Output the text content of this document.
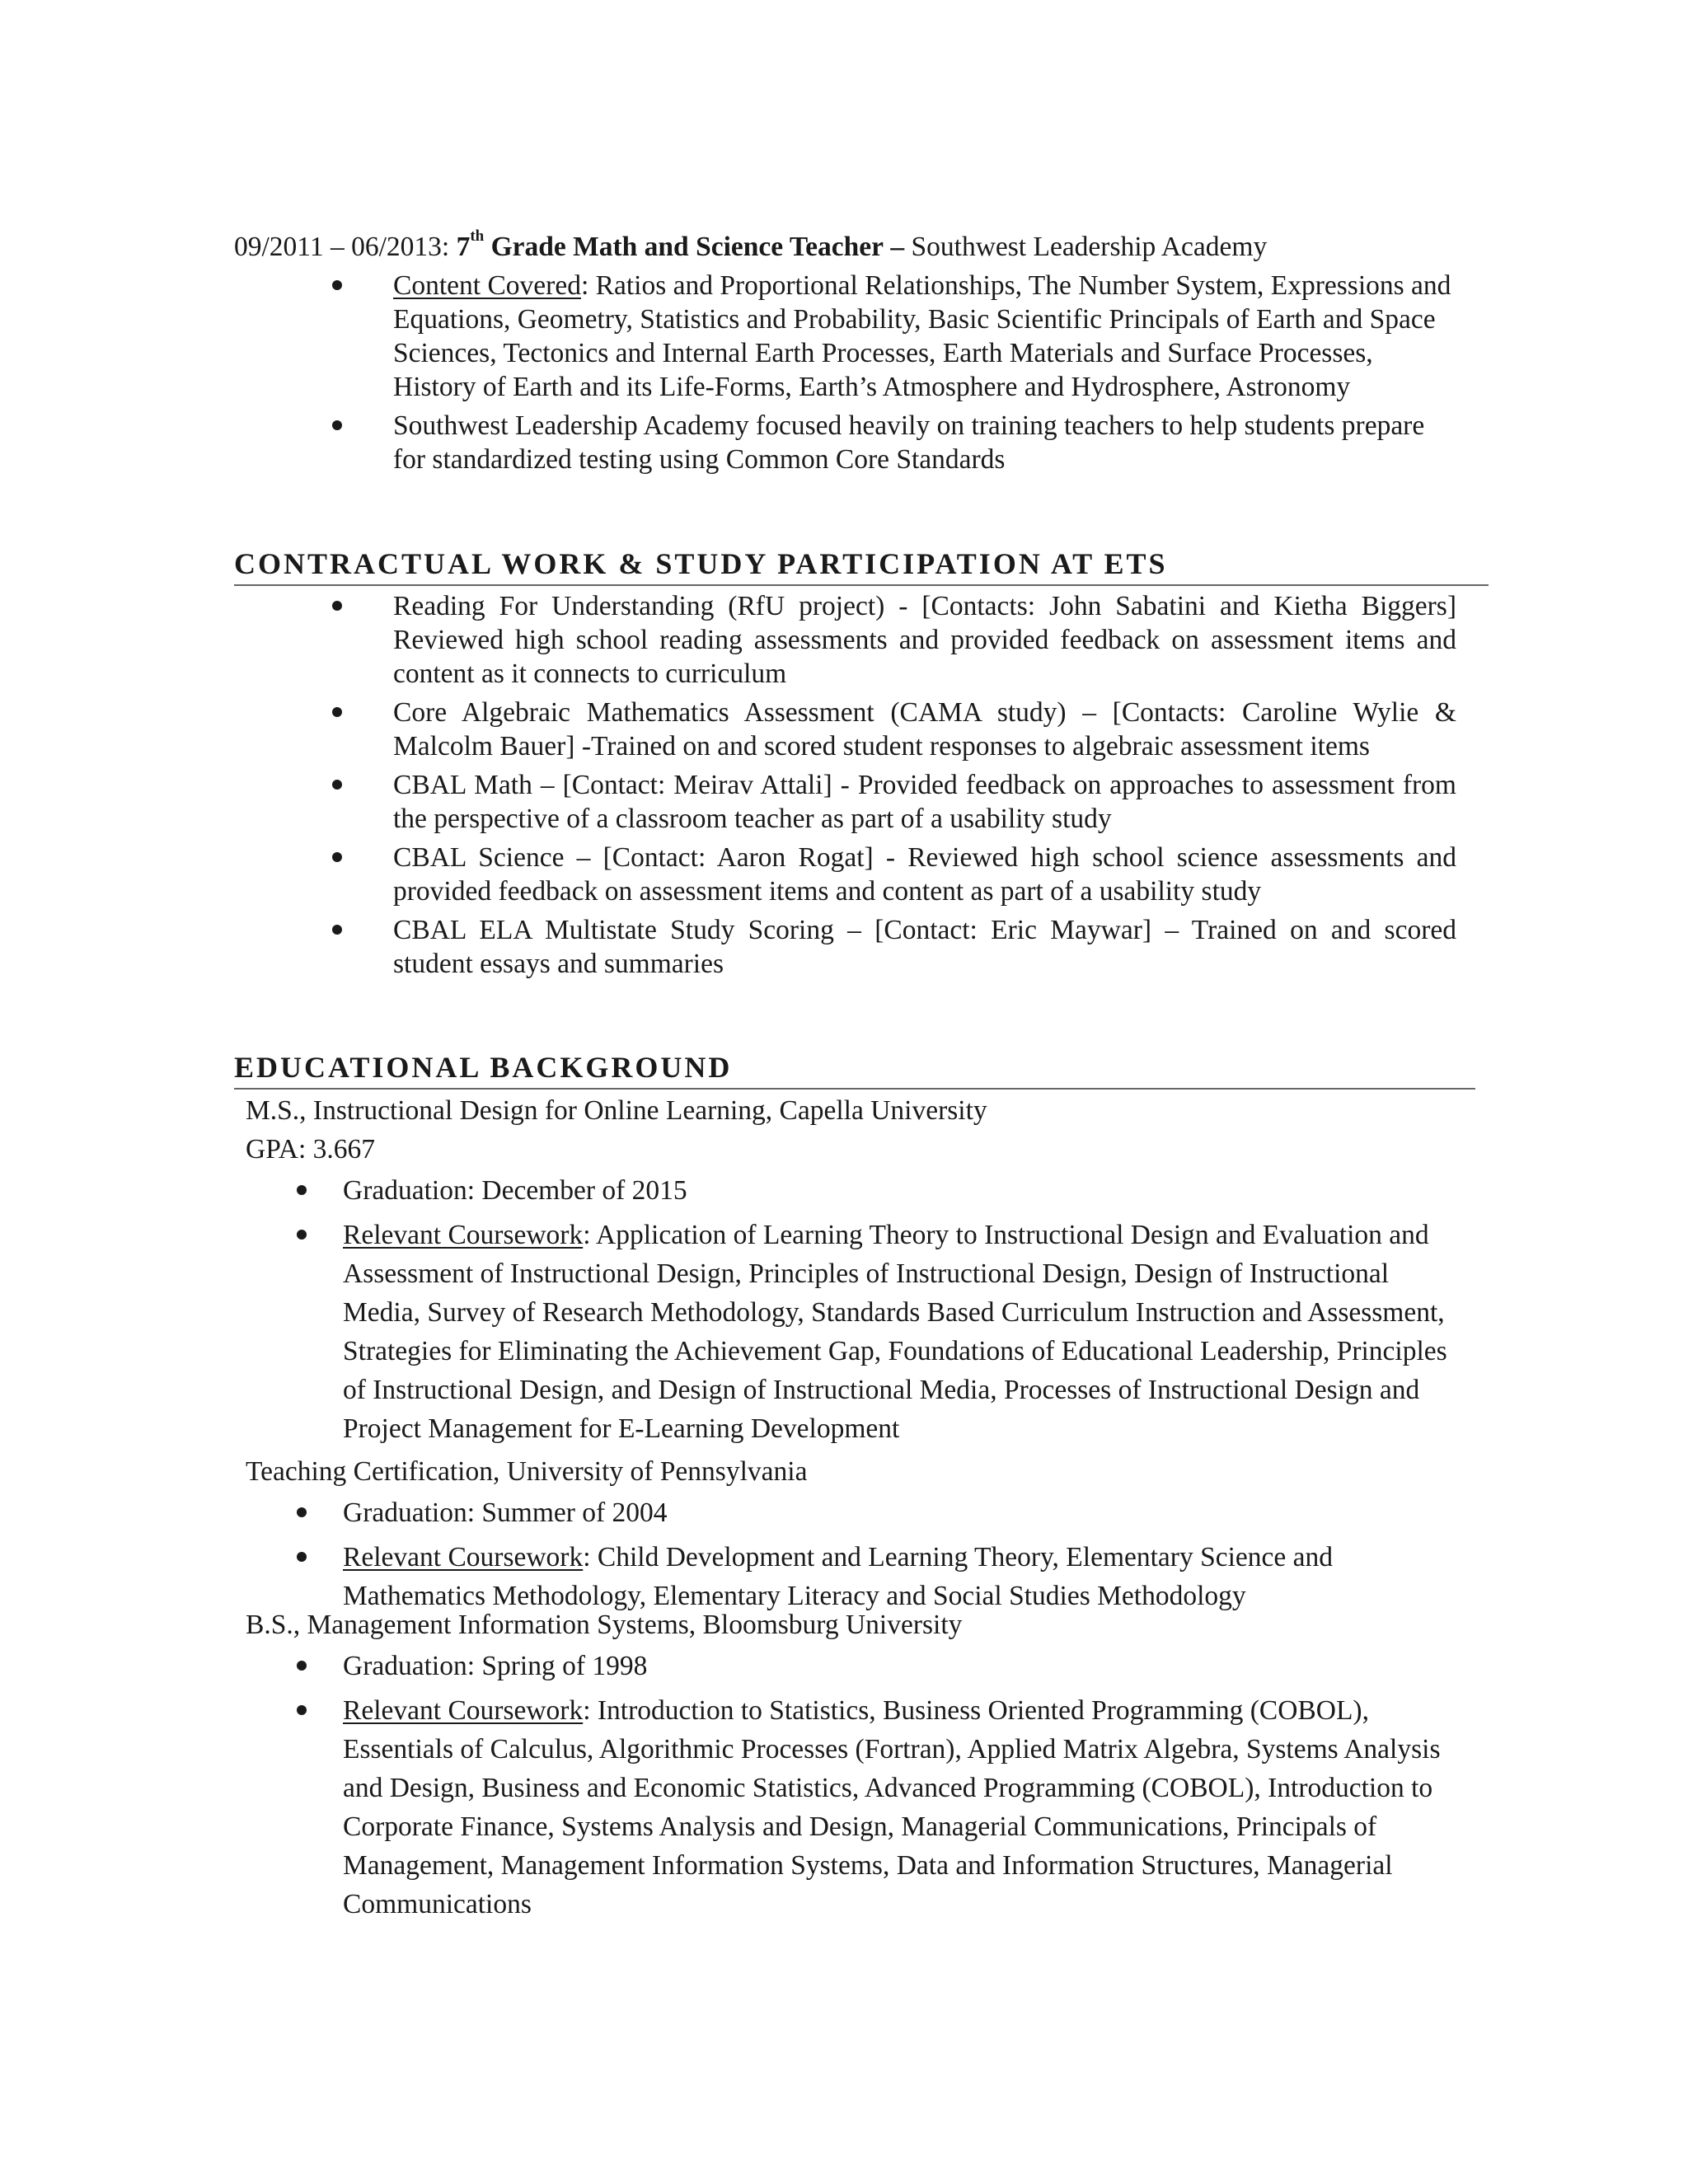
09/2011 – 06/2013: 7th Grade Math and Science Teacher – Southwest Leadership Academy
Content Covered: Ratios and Proportional Relationships, The Number System, Expressions and Equations, Geometry, Statistics and Probability, Basic Scientific Principals of Earth and Space Sciences, Tectonics and Internal Earth Processes, Earth Materials and Surface Processes, History of Earth and its Life-Forms, Earth’s Atmosphere and Hydrosphere, Astronomy
Southwest Leadership Academy focused heavily on training teachers to help students prepare for standardized testing using Common Core Standards
CONTRACTUAL WORK & STUDY PARTICIPATION AT ETS
Reading For Understanding (RfU project) - [Contacts: John Sabatini and Kietha Biggers] Reviewed high school reading assessments and provided feedback on assessment items and content as it connects to curriculum
Core Algebraic Mathematics Assessment (CAMA study) – [Contacts: Caroline Wylie & Malcolm Bauer] -Trained on and scored student responses to algebraic assessment items
CBAL Math – [Contact: Meirav Attali] - Provided feedback on approaches to assessment from the perspective of a classroom teacher as part of a usability study
CBAL Science – [Contact: Aaron Rogat] - Reviewed high school science assessments and provided feedback on assessment items and content as part of a usability study
CBAL ELA Multistate Study Scoring – [Contact: Eric Maywar] – Trained on and scored student essays and summaries
EDUCATIONAL BACKGROUND
M.S., Instructional Design for Online Learning, Capella University
GPA: 3.667
Graduation: December of 2015
Relevant Coursework: Application of Learning Theory to Instructional Design and Evaluation and Assessment of Instructional Design, Principles of Instructional Design, Design of Instructional Media, Survey of Research Methodology, Standards Based Curriculum Instruction and Assessment, Strategies for Eliminating the Achievement Gap, Foundations of Educational Leadership, Principles of Instructional Design, and Design of Instructional Media, Processes of Instructional Design and Project Management for E-Learning Development
Teaching Certification, University of Pennsylvania
Graduation: Summer of 2004
Relevant Coursework: Child Development and Learning Theory, Elementary Science and Mathematics Methodology, Elementary Literacy and Social Studies Methodology
B.S., Management Information Systems, Bloomsburg University
Graduation: Spring of 1998
Relevant Coursework: Introduction to Statistics, Business Oriented Programming (COBOL), Essentials of Calculus, Algorithmic Processes (Fortran), Applied Matrix Algebra, Systems Analysis and Design, Business and Economic Statistics, Advanced Programming (COBOL), Introduction to Corporate Finance, Systems Analysis and Design, Managerial Communications, Principals of Management, Management Information Systems, Data and Information Structures, Managerial Communications
